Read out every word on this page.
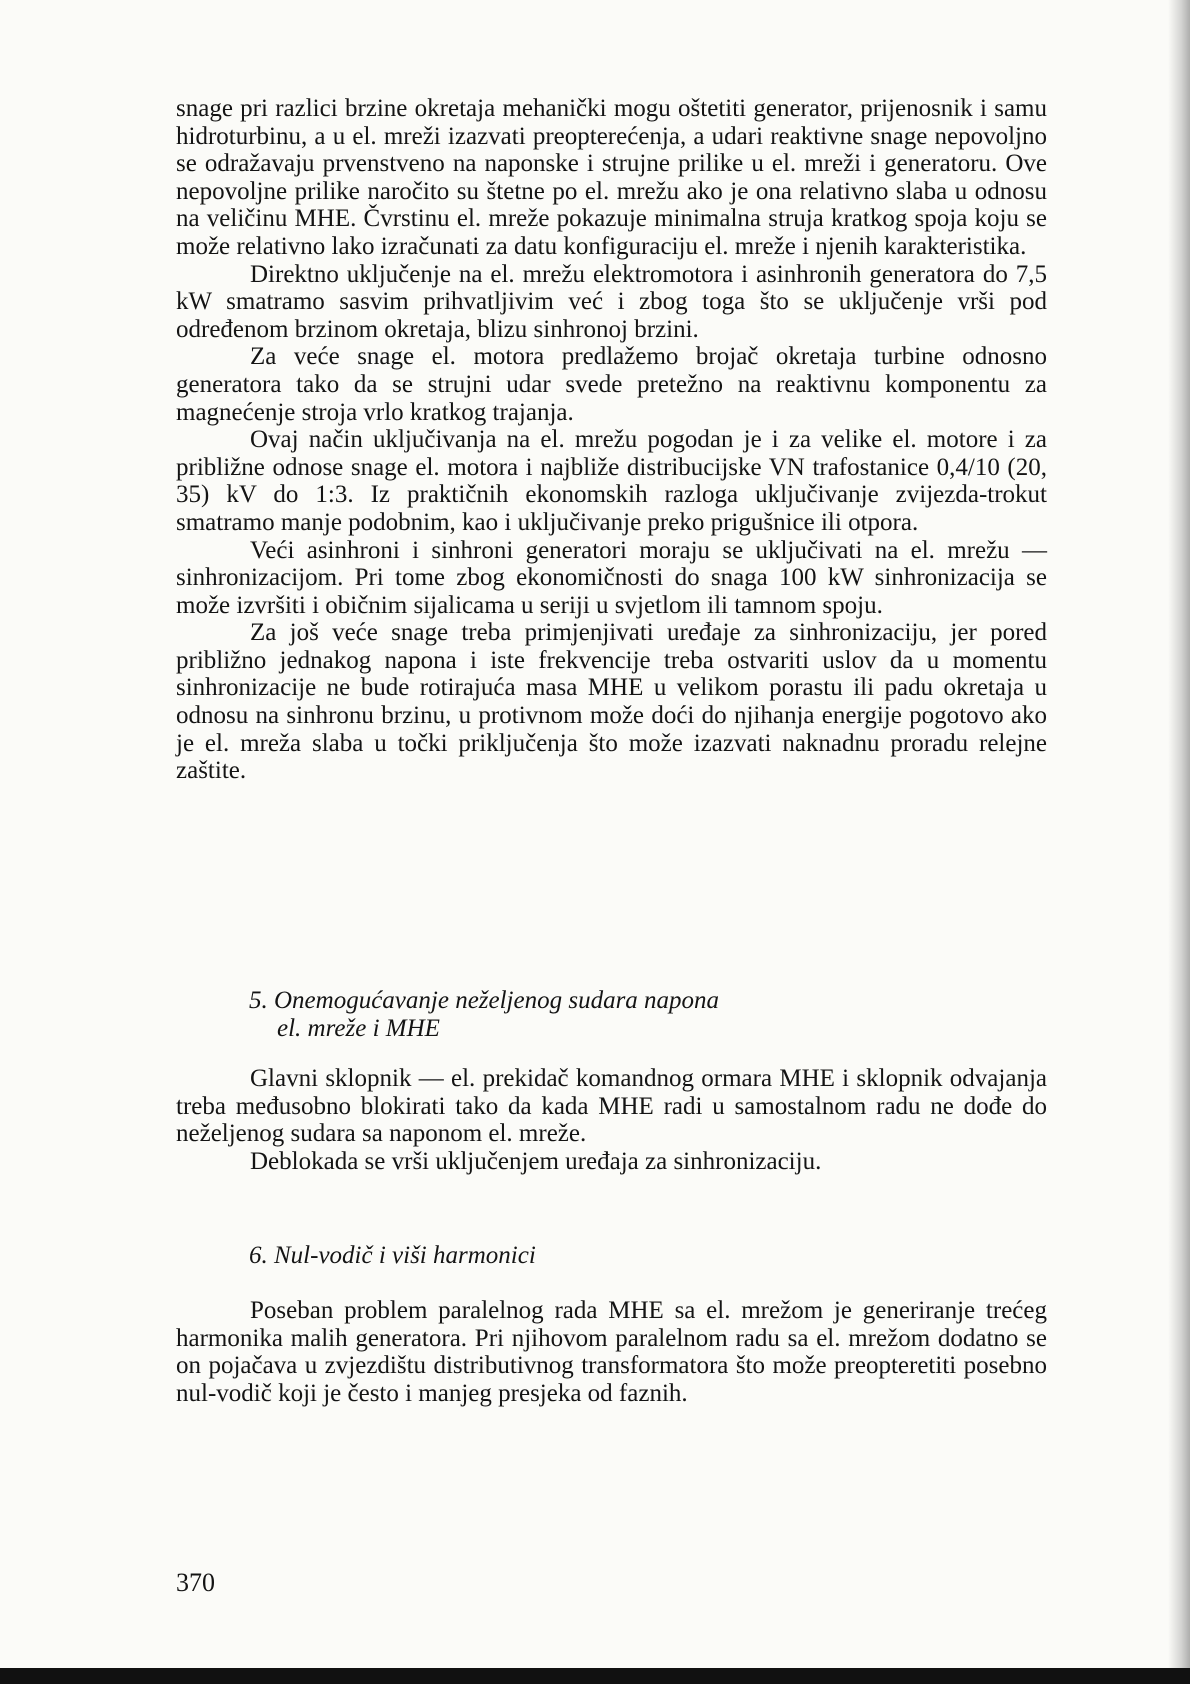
snage pri razlici brzine okretaja mehanički mogu oštetiti generator, prijenosnik i samu hidroturbinu, a u el. mreži izazvati preopterećenja, a udari reaktivne snage nepovoljno se odražavaju prvenstveno na naponske i strujne prilike u el. mreži i generatoru. Ove nepovoljne prilike naročito su štetne po el. mrežu ako je ona relativno slaba u odnosu na veličinu MHE. Čvrstinu el. mreže pokazuje minimalna struja kratkog spoja koju se može relativno lako izračunati za datu konfiguraciju el. mreže i njenih karakteristika.

Direktno uključenje na el. mrežu elektromotora i asinhronih generatora do 7,5 kW smatramo sasvim prihvatljivim već i zbog toga što se uključenje vrši pod određenom brzinom okretaja, blizu sinhronoj brzini.

Za veće snage el. motora predlažemo brojač okretaja turbine odnosno generatora tako da se strujni udar svede pretežno na reaktivnu komponentu za magnećenje stroja vrlo kratkog trajanja.

Ovaj način uključivanja na el. mrežu pogodan je i za velike el. motore i za približne odnose snage el. motora i najbliže distribucijske VN trafostanice 0,4/10 (20, 35) kV do 1:3. Iz praktičnih ekonomskih razloga uključivanje zvijezda-trokut smatramo manje podobnim, kao i uključivanje preko prigušnice ili otpora.

Veći asinhroni i sinhroni generatori moraju se uključivati na el. mrežu — sinhronizacijom. Pri tome zbog ekonomičnosti do snaga 100 kW sinhronizacija se može izvršiti i običnim sijalicama u seriji u svjetlom ili tamnom spoju.

Za još veće snage treba primjenjivati uređaje za sinhronizaciju, jer pored približno jednakog napona i iste frekvencije treba ostvariti uslov da u momentu sinhronizacije ne bude rotirajuća masa MHE u velikom porastu ili padu okretaja u odnosu na sinhronu brzinu, u protivnom može doći do njihanja energije pogotovo ako je el. mreža slaba u točki priključenja što može izazvati naknadnu proradu relejne zaštite.

5. Onemogućavanje neželjenog sudara napona
el. mreže i MHE

Glavni sklopnik — el. prekidač komandnog ormara MHE i sklopnik odvajanja treba međusobno blokirati tako da kada MHE radi u samostalnom radu ne dođe do neželjenog sudara sa naponom el. mreže.

Deblokada se vrši uključenjem uređaja za sinhronizaciju.

6. Nul-vodič i viši harmonici

Poseban problem paralelnog rada MHE sa el. mrežom je generiranje trećeg harmonika malih generatora. Pri njihovom paralelnom radu sa el. mrežom dodatno se on pojačava u zvjezdištu distributivnog transformatora što može preopteretiti posebno nul-vodič koji je često i manjeg presjeka od faznih.

370
